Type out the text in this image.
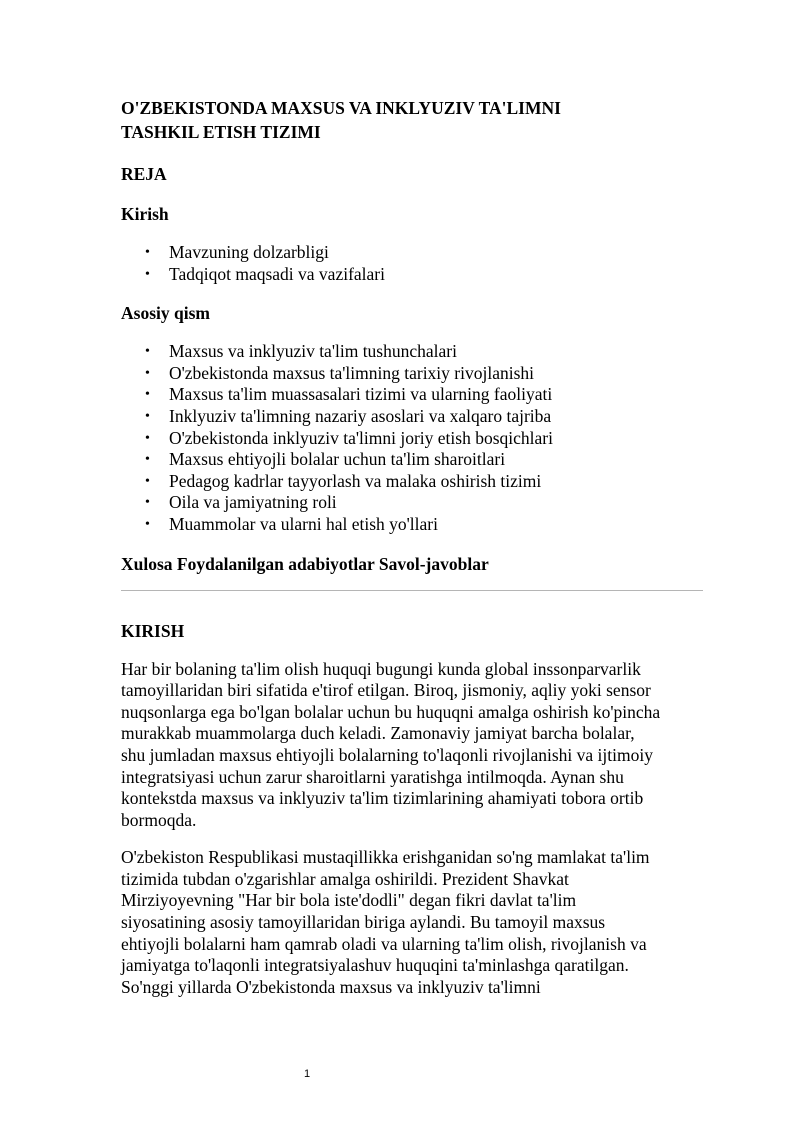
O'ZBEKISTONDA MAXSUS VA INKLYUZIV TA'LIMNI
TASHKIL ETISH TIZIMI
REJA
Kirish
• Mavzuning dolzarbligi
• Tadqiqot maqsadi va vazifalari
Asosiy qism
• Maxsus va inklyuziv ta'lim tushunchalari
• O'zbekistonda maxsus ta'limning tarixiy rivojlanishi
• Maxsus ta'lim muassasalari tizimi va ularning faoliyati
• Inklyuziv ta'limning nazariy asoslari va xalqaro tajriba
• O'zbekistonda inklyuziv ta'limni joriy etish bosqichlari
• Maxsus ehtiyojli bolalar uchun ta'lim sharoitlari
• Pedagog kadrlar tayyorlash va malaka oshirish tizimi
• Oila va jamiyatning roli
• Muammolar va ularni hal etish yo'llari
Xulosa Foydalanilgan adabiyotlar Savol-javoblar
KIRISH

Har bir bolaning ta'lim olish huquqi bugungi kunda global inssonparvarlik tamoyillaridan biri sifatida e'tirof etilgan. Biroq, jismoniy, aqliy yoki sensor nuqsonlarga ega bo'lgan bolalar uchun bu huquqni amalga oshirish ko'pincha murakkab muammolarga duch keladi. Zamonaviy jamiyat barcha bolalar, shu jumladan maxsus ehtiyojli bolalarning to'laqonli rivojlanishi va ijtimoiy integratsiyasi uchun zarur sharoitlarni yaratishga intilmoqda. Aynan shu kontekstda maxsus va inklyuziv ta'lim tizimlarining ahamiyati tobora ortib bormoqda.

O'zbekiston Respublikasi mustaqillikka erishganidan so'ng mamlakat ta'lim tizimida tubdan o'zgarishlar amalga oshirildi. Prezident Shavkat Mirziyoyevning "Har bir bola iste'dodli" degan fikri davlat ta'lim siyosatining asosiy tamoyillaridan biriga aylandi. Bu tamoyil maxsus ehtiyojli bolalarni ham qamrab oladi va ularning ta'lim olish, rivojlanish va jamiyatga to'laqonli integratsiyalashuv huquqini ta'minlashga qaratilgan. So'nggi yillarda O'zbekistonda maxsus va inklyuziv ta'limni

1
